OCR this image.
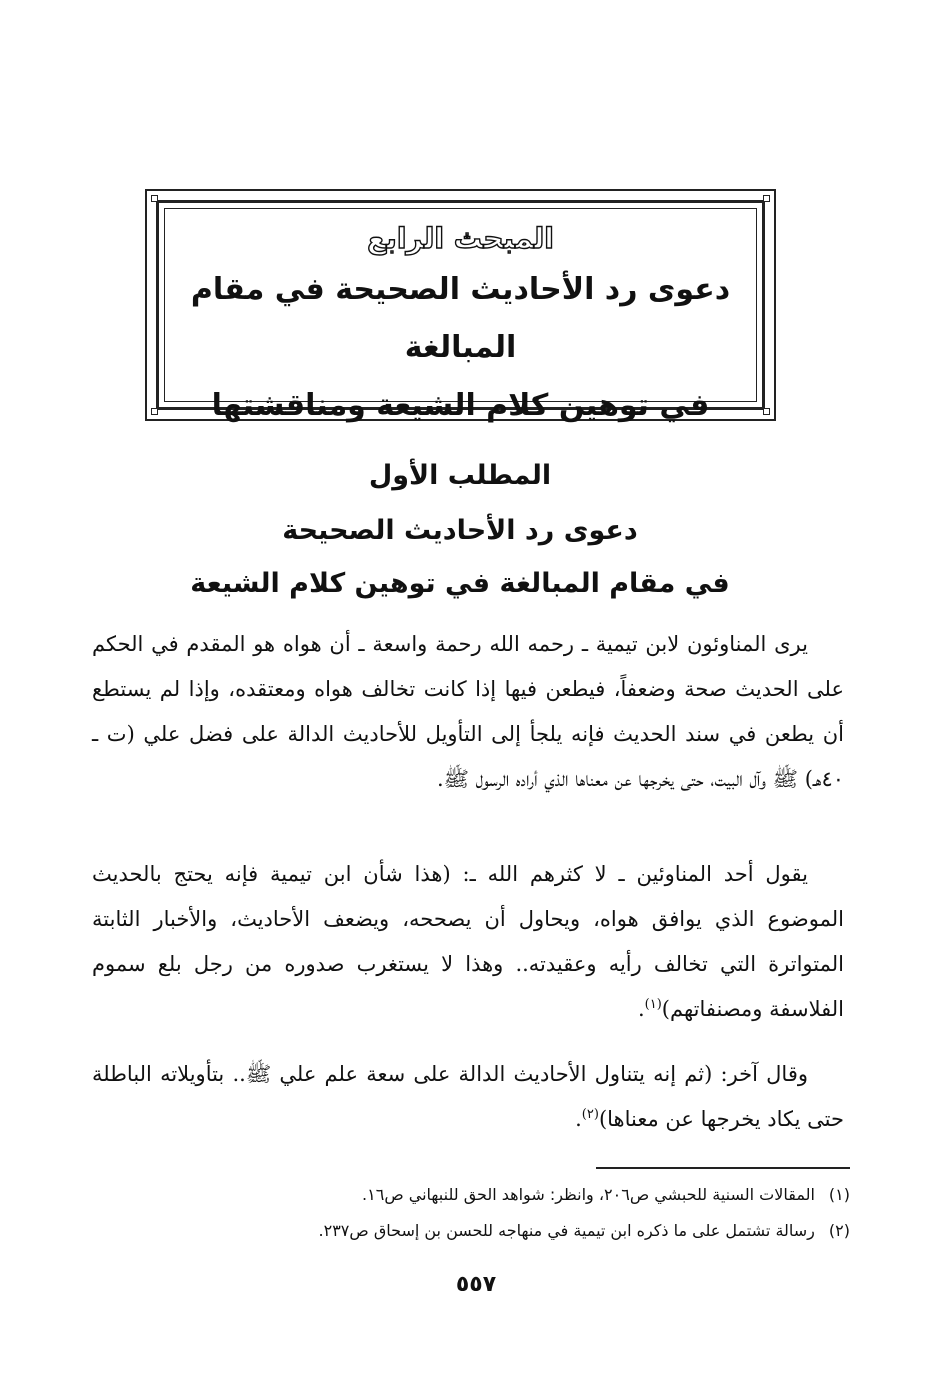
المبحث الرابع
دعوى رد الأحاديث الصحيحة في مقام المبالغة
في توهين كلام الشيعة ومناقشتها
المطلب الأول
دعوى رد الأحاديث الصحيحة
في مقام المبالغة في توهين كلام الشيعة
يرى المناوئون لابن تيمية ـ رحمه الله رحمة واسعة ـ أن هواه هو المقدم في الحكم على الحديث صحة وضعفاً، فيطعن فيها إذا كانت تخالف هواه ومعتقده، وإذا لم يستطع أن يطعن في سند الحديث فإنه يلجأ إلى التأويل للأحاديث الدالة على فضل علي (ت ـ ٤٠هـ) ﷺ وآل البيت، حتى يخرجها عن معناها الذي أراده الرسول ﷺ.
يقول أحد المناوئين ـ لا كثرهم الله ـ: (هذا شأن ابن تيمية فإنه يحتج بالحديث الموضوع الذي يوافق هواه، ويحاول أن يصححه، ويضعف الأحاديث، والأخبار الثابتة المتواترة التي تخالف رأيه وعقيدته.. وهذا لا يستغرب صدوره من رجل بلع سموم الفلاسفة ومصنفاتهم)$^{(١)}$.
وقال آخر: (ثم إنه يتناول الأحاديث الدالة على سعة علم علي ﷺ.. بتأويلاته الباطلة حتى يكاد يخرجها عن معناها)$^{(٢)}$.
(١)المقالات السنية للحبشي ص٢٠٦، وانظر: شواهد الحق للنبهاني ص١٦.
(٢)رسالة تشتمل على ما ذكره ابن تيمية في منهاجه للحسن بن إسحاق ص٢٣٧.
٥٥٧
